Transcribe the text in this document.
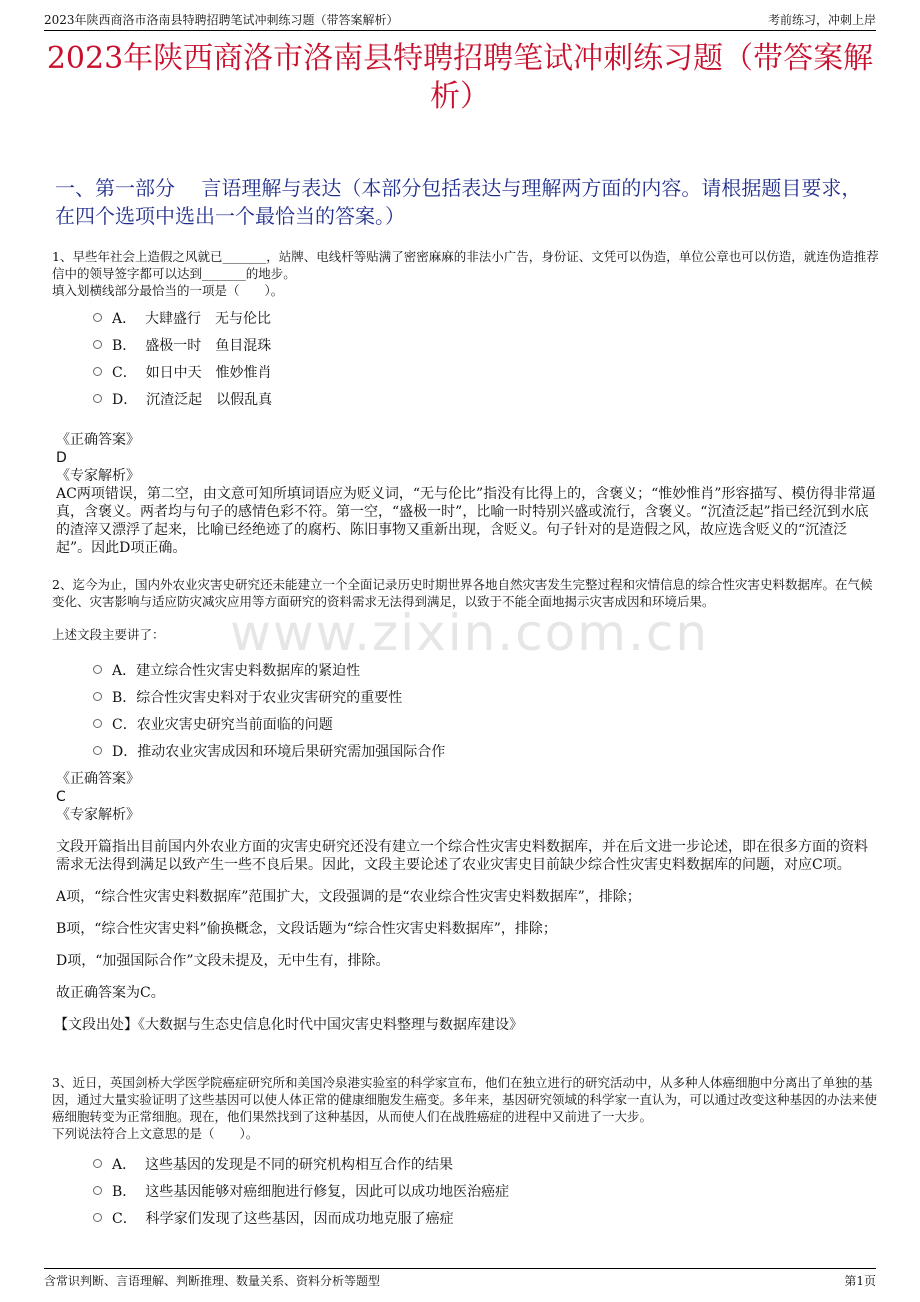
2023年陕西商洛市洛南县特聘招聘笔试冲刺练习题（带答案解析）	考前练习，冲刺上岸
2023年陕西商洛市洛南县特聘招聘笔试冲刺练习题（带答案解析）
一、第一部分　 言语理解与表达（本部分包括表达与理解两方面的内容。请根据题目要求，在四个选项中选出一个最恰当的答案。）

1、早些年社会上造假之风就已_______，站牌、电线杆等贴满了密密麻麻的非法小广告，身份证、文凭可以伪造，单位公章也可以仿造，就连伪造推荐信中的领导签字都可以达到_______的地步。

填入划横线部分最恰当的一项是（　　）。

A．  大肆盛行　无与伦比
B．  盛极一时　鱼目混珠
C．  如日中天　惟妙惟肖
D．  沉渣泛起　以假乱真

《正确答案》

D

《专家解析》

AC两项错误，第二空，由文意可知所填词语应为贬义词，“无与伦比”指没有比得上的，含褒义；“惟妙惟肖”形容描写、模仿得非常逼真，含褒义。两者均与句子的感情色彩不符。第一空，“盛极一时”，比喻一时特别兴盛或流行，含褒义。“沉渣泛起”指已经沉到水底的渣滓又漂浮了起来，比喻已经绝迹了的腐朽、陈旧事物又重新出现，含贬义。句子针对的是造假之风，故应选含贬义的“沉渣泛起”。因此D项正确。

2、迄今为止，国内外农业灾害史研究还未能建立一个全面记录历史时期世界各地自然灾害发生完整过程和灾情信息的综合性灾害史料数据库。在气候变化、灾害影响与适应防灾减灾应用等方面研究的资料需求无法得到满足，以致于不能全面地揭示灾害成因和环境后果。

上述文段主要讲了：

A．建立综合性灾害史料数据库的紧迫性
B．综合性灾害史料对于农业灾害研究的重要性
C．农业灾害史研究当前面临的问题
D．推动农业灾害成因和环境后果研究需加强国际合作

《正确答案》

C

《专家解析》

文段开篇指出目前国内外农业方面的灾害史研究还没有建立一个综合性灾害史料数据库，并在后文进一步论述，即在很多方面的资料需求无法得到满足以致产生一些不良后果。因此，文段主要论述了农业灾害史目前缺少综合性灾害史料数据库的问题，对应C项。

A项，“综合性灾害史料数据库”范围扩大，文段强调的是“农业综合性灾害史料数据库”，排除；

B项，“综合性灾害史料”偷换概念，文段话题为“综合性灾害史料数据库”，排除；

D项，“加强国际合作”文段未提及，无中生有，排除。

故正确答案为C。

【文段出处】《大数据与生态史信息化时代中国灾害史料整理与数据库建设》

3、近日，英国剑桥大学医学院癌症研究所和美国冷泉港实验室的科学家宣布，他们在独立进行的研究活动中，从多种人体癌细胞中分离出了单独的基因，通过大量实验证明了这些基因可以使人体正常的健康细胞发生癌变。多年来，基因研究领域的科学家一直认为，可以通过改变这种基因的办法来使癌细胞转变为正常细胞。现在，他们果然找到了这种基因，从而使人们在战胜癌症的进程中又前进了一大步。

下列说法符合上文意思的是（　　）。

A．  这些基因的发现是不同的研究机构相互合作的结果
B．  这些基因能够对癌细胞进行修复，因此可以成功地医治癌症
C．  科学家们发现了这些基因，因而成功地克服了癌症
www.zixin.com.cn
含常识判断、言语理解、判断推理、数量关系、资料分析等题型	第1页
